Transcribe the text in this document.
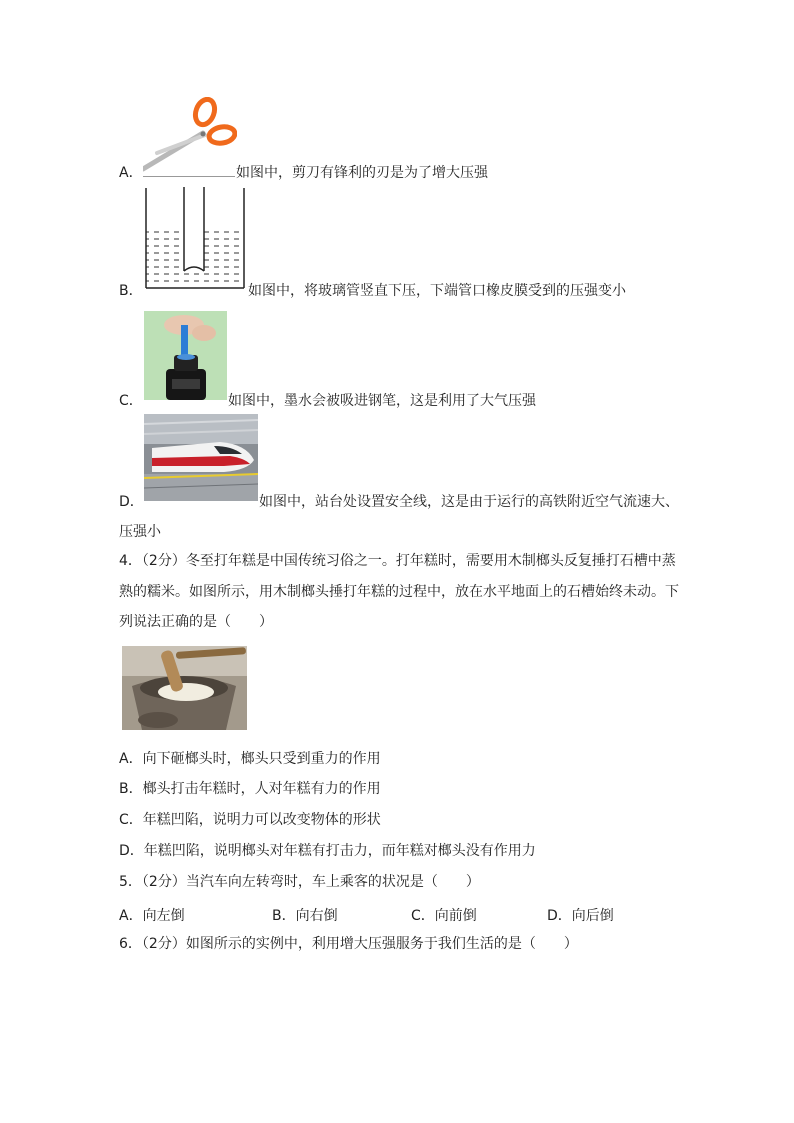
A．	如图中，剪刀有锋利的刃是为了增大压强
B．	如图中，将玻璃管竖直下压，下端管口橡皮膜受到的压强变小
C．	如图中，墨水会被吸进钢笔，这是利用了大气压强
D．	如图中，站台处设置安全线，这是由于运行的高铁附近空气流速大、
压强小
4．（2分）冬至打年糕是中国传统习俗之一。打年糕时，需要用木制榔头反复捶打石槽中蒸
熟的糯米。如图所示，用木制榔头捶打年糕的过程中，放在水平地面上的石槽始终未动。下
列说法正确的是（　　）
A．向下砸榔头时，榔头只受到重力的作用
B．榔头打击年糕时，人对年糕有力的作用
C．年糕凹陷，说明力可以改变物体的形状
D．年糕凹陷，说明榔头对年糕有打击力，而年糕对榔头没有作用力
5．（2分）当汽车向左转弯时，车上乘客的状况是（　　）
A．向左倒	B．向右倒	C．向前倒	D．向后倒
6．（2分）如图所示的实例中，利用增大压强服务于我们生活的是（　　）
